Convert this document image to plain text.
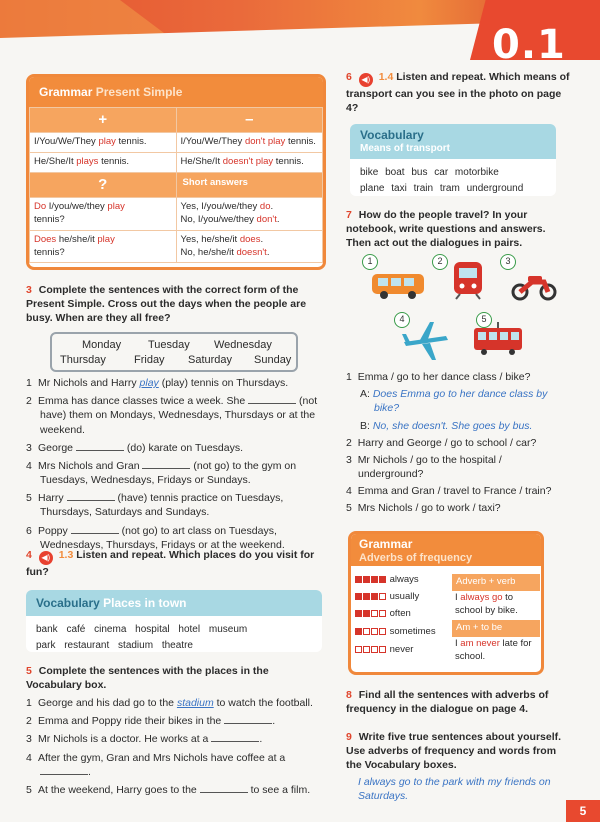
0.1
Grammar Present Simple
+	–
I/You/We/They play tennis.	I/You/We/They don't play tennis.
He/She/It plays tennis.	He/She/It doesn't play tennis.
?	Short answers
Do I/you/we/they play
tennis?	Yes, I/you/we/they do.
No, I/you/we/they don't.
Does he/she/it play
tennis?	Yes, he/she/it does.
No, he/she/it doesn't.
3 Complete the sentences with the correct form of the Present Simple. Cross out the days when the people are busy. When are they all free?
Monday Tuesday Wednesday
Thursday	Friday Saturday Sunday
1 Mr Nichols and Harry play (play) tennis on Thursdays.
2 Emma has dance classes twice a week. She	(not have) them on Mondays, Wednesdays, Thursdays or at the weekend.
3 George	(do) karate on Tuesdays.
4 Mrs Nichols and Gran	(not go) to the gym on Tuesdays, Wednesdays, Fridays or Sundays.
5 Harry	(have) tennis practice on Tuesdays, Thursdays, Saturdays and Sundays.
6 Poppy	(not go) to art class on Tuesdays, Wednesdays, Thursdays, Fridays or at the weekend.
4 ◀) 1.3 Listen and repeat. Which places do you visit for fun?
Vocabulary Places in town
bank café cinema hospital hotel museum
park restaurant stadium theatre
5 Complete the sentences with the places in the Vocabulary box.
1 George and his dad go to the stadium to watch the football.
2 Emma and Poppy ride their bikes in the	.
3 Mr Nichols is a doctor. He works at a	.
4 After the gym, Gran and Mrs Nichols have coffee at a .
5 At the weekend, Harry goes to the	to see a film.
6 ◀) 1.4 Listen and repeat. Which means of transport can you see in the photo on page 4?
Vocabulary
Means of transport
bike boat bus car motorbike
plane taxi train tram underground
7 How do the people travel? In your notebook, write questions and answers. Then act out the dialogues in pairs.
1	2	3
4	5
1 Emma / go to her dance class / bike?
A: Does Emma go to her dance class by bike?
B: No, she doesn't. She goes by bus.
2 Harry and George / go to school / car?
3 Mr Nichols / go to the hospital / underground?
4 Emma and Gran / travel to France / train?
5 Mrs Nichols / go to work / taxi?
Grammar
Adverbs of frequency
always
usually
often
sometimes
never
Adverb + verb
I always go to school by bike.
Am + to be
I am never late for school.
8 Find all the sentences with adverbs of frequency in the dialogue on page 4.
9 Write five true sentences about yourself. Use adverbs of frequency and words from the Vocabulary boxes.
I always go to the park with my friends on Saturdays.
5
